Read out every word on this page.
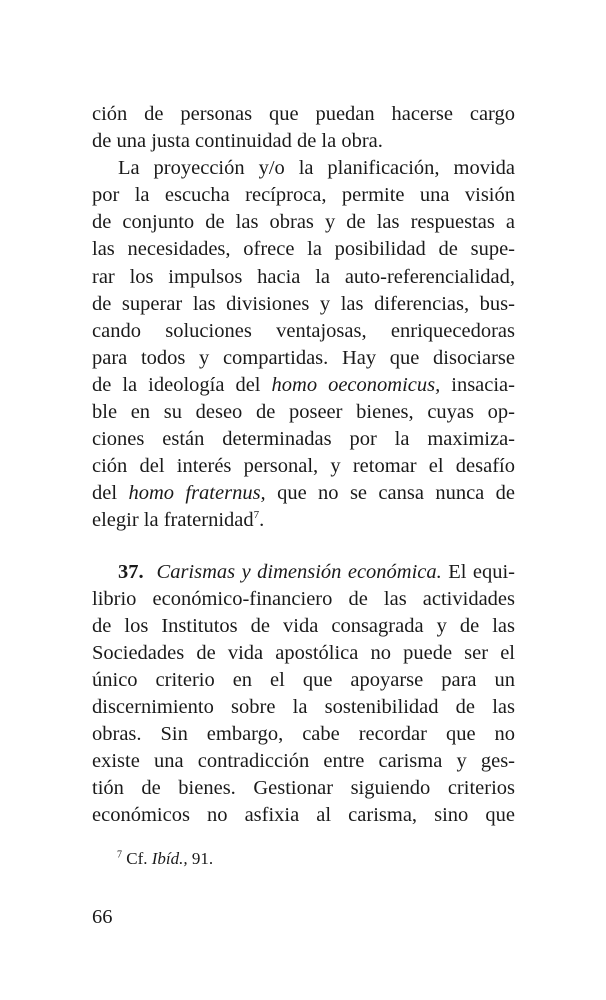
ción de personas que puedan hacerse cargo
de una justa continuidad de la obra.
La proyección y/o la planificación, movida
por la escucha recíproca, permite una visión
de conjunto de las obras y de las respuestas a
las necesidades, ofrece la posibilidad de supe-
rar los impulsos hacia la auto-referencialidad,
de superar las divisiones y las diferencias, bus-
cando soluciones ventajosas, enriquecedoras
para todos y compartidas. Hay que disociarse
de la ideología del homo oeconomicus, insacia-
ble en su deseo de poseer bienes, cuyas op-
ciones están determinadas por la maximiza-
ción del interés personal, y retomar el desafío
del homo fraternus, que no se cansa nunca de
elegir la fraternidad$^7$.
37. Carismas y dimensión económica. El equi-
librio económico-financiero de las actividades
de los Institutos de vida consagrada y de las
Sociedades de vida apostólica no puede ser el
único criterio en el que apoyarse para un
discernimiento sobre la sostenibilidad de las
obras. Sin embargo, cabe recordar que no
existe una contradicción entre carisma y ges-
tión de bienes. Gestionar siguiendo criterios
económicos no asfixia al carisma, sino que
$^7$ Cf. Ibíd., 91.
66
